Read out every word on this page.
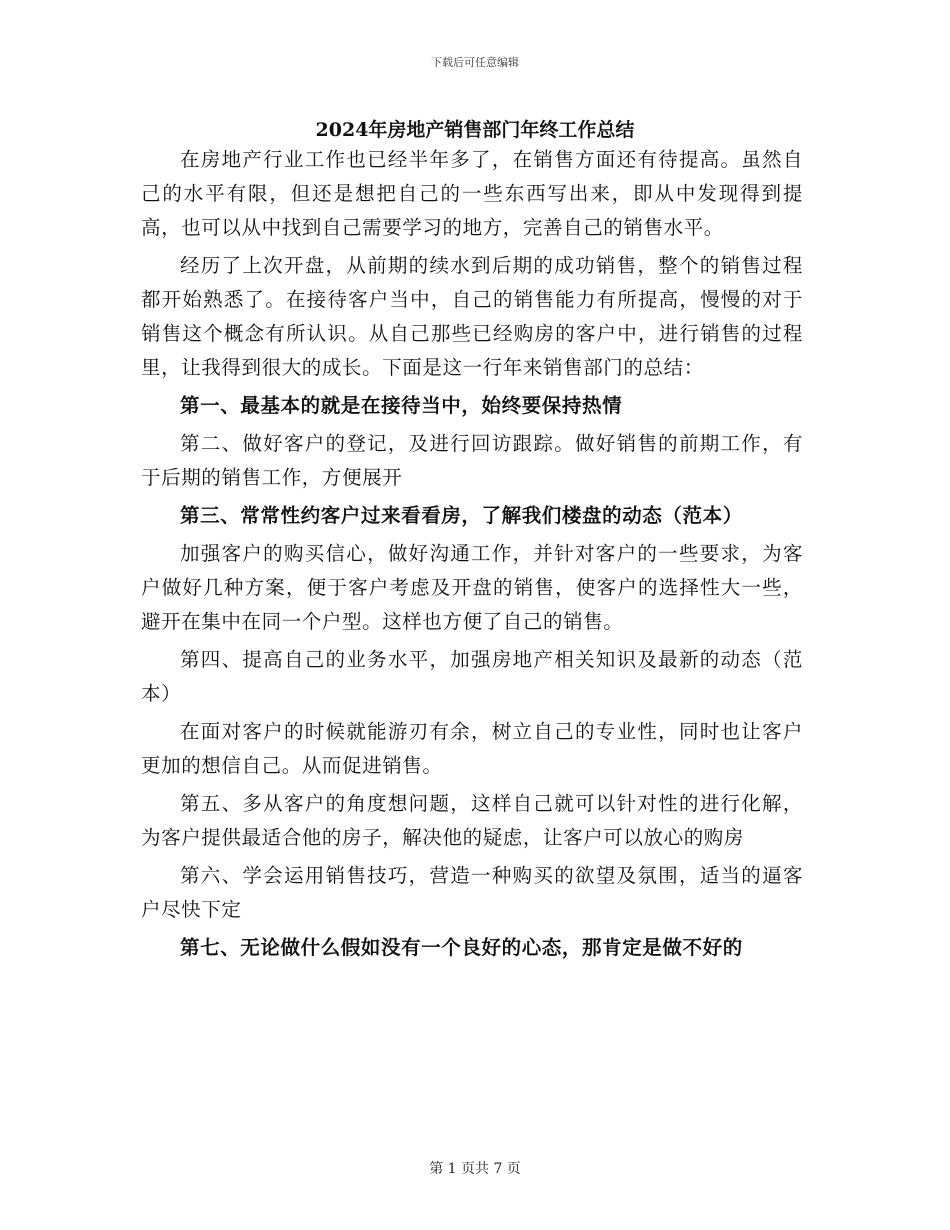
下载后可任意编辑
2024年房地产销售部门年终工作总结

在房地产行业工作也已经半年多了，在销售方面还有待提高。虽然自己的水平有限，但还是想把自己的一些东西写出来，即从中发现得到提高，也可以从中找到自己需要学习的地方，完善自己的销售水平。

经历了上次开盘，从前期的续水到后期的成功销售，整个的销售过程都开始熟悉了。在接待客户当中，自己的销售能力有所提高，慢慢的对于销售这个概念有所认识。从自己那些已经购房的客户中，进行销售的过程里，让我得到很大的成长。下面是这一行年来销售部门的总结：

第一、最基本的就是在接待当中，始终要保持热情

第二、做好客户的登记，及进行回访跟踪。做好销售的前期工作，有于后期的销售工作，方便展开

第三、常常性约客户过来看看房，了解我们楼盘的动态（范本）

加强客户的购买信心，做好沟通工作，并针对客户的一些要求，为客户做好几种方案，便于客户考虑及开盘的销售，使客户的选择性大一些，避开在集中在同一个户型。这样也方便了自己的销售。

第四、提高自己的业务水平，加强房地产相关知识及最新的动态（范本）

在面对客户的时候就能游刃有余，树立自己的专业性，同时也让客户更加的想信自己。从而促进销售。

第五、多从客户的角度想问题，这样自己就可以针对性的进行化解，为客户提供最适合他的房子，解决他的疑虑，让客户可以放心的购房

第六、学会运用销售技巧，营造一种购买的欲望及氛围，适当的逼客户尽快下定

第七、无论做什么假如没有一个良好的心态，那肯定是做不好的

第 1 页共 7 页
